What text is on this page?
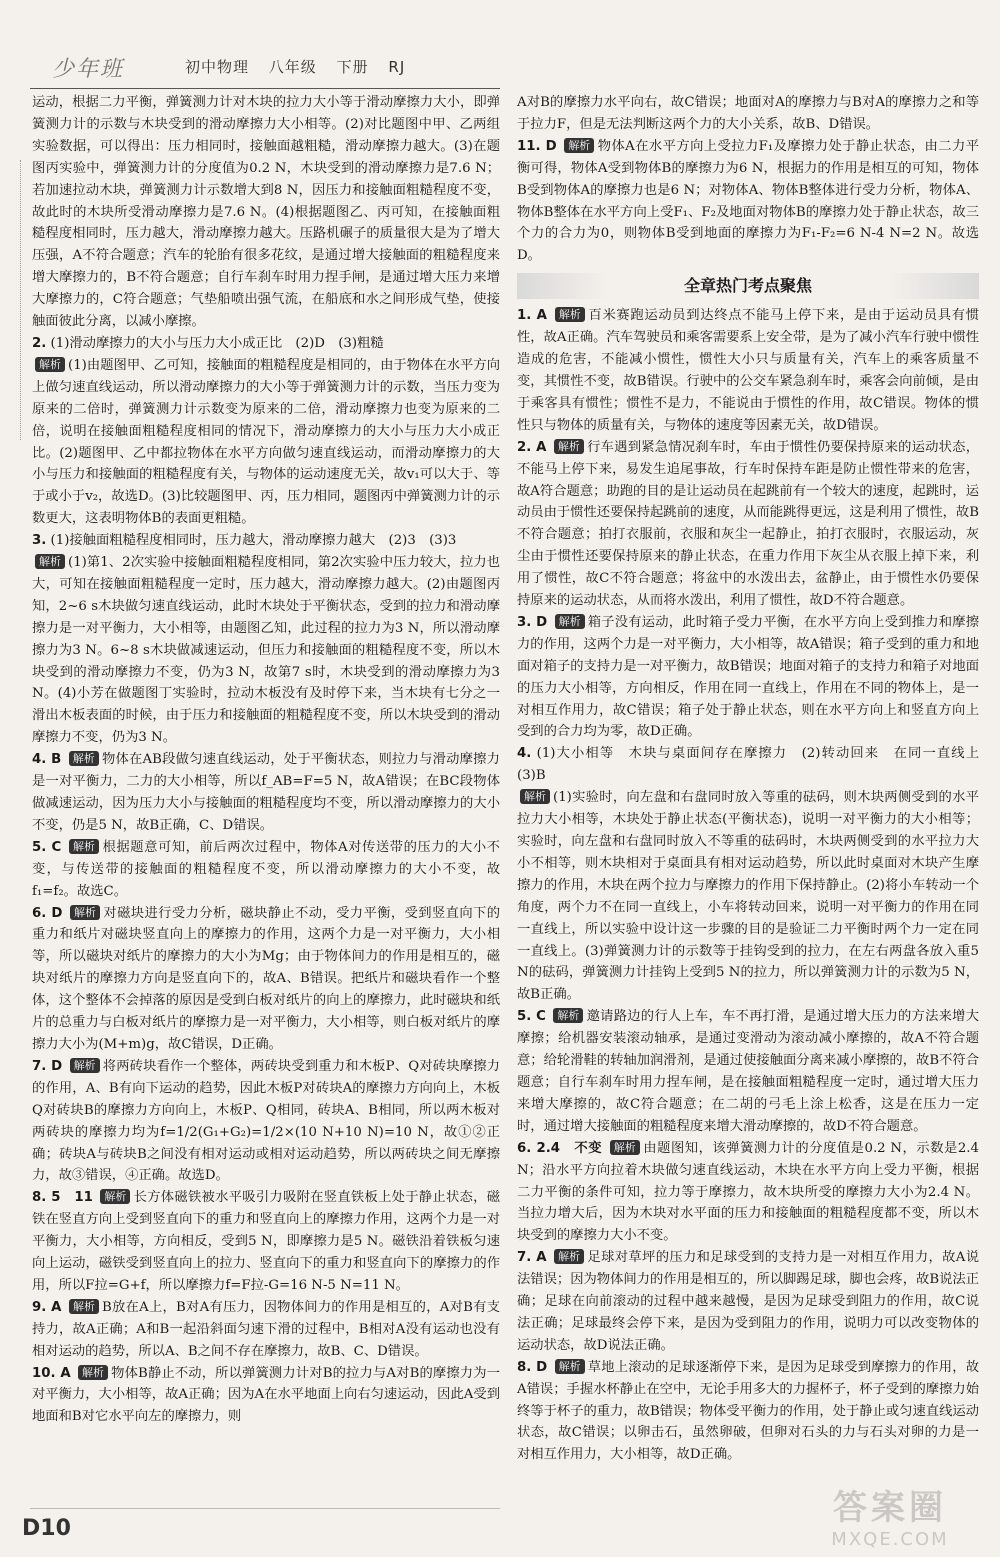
少年班	初中物理 八年级 下册 RJ

运动，根据二力平衡，弹簧测力计对木块的拉力大小等于滑动摩擦力大小，即弹簧测力计的示数与木块受到的滑动摩擦力大小相等。(2)对比题图中甲、乙两组实验数据，可以得出：压力相同时，接触面越粗糙，滑动摩擦力越大。(3)在题图丙实验中，弹簧测力计的分度值为0.2 N，木块受到的滑动摩擦力是7.6 N；若加速拉动木块，弹簧测力计示数增大到8 N，因压力和接触面粗糙程度不变，故此时的木块所受滑动摩擦力是7.6 N。(4)根据题图乙、丙可知，在接触面粗糙程度相同时，压力越大，滑动摩擦力越大。压路机碾子的质量很大是为了增大压强，A不符合题意；汽车的轮胎有很多花纹，是通过增大接触面的粗糙程度来增大摩擦力的，B不符合题意；自行车刹车时用力捏手闸，是通过增大压力来增大摩擦力的，C符合题意；气垫船喷出强气流，在船底和水之间形成气垫，使接触面彼此分离，以减小摩擦。

2. (1)滑动摩擦力的大小与压力大小成正比　(2)D　(3)粗糙

解析 (1)由题图甲、乙可知，接触面的粗糙程度是相同的，由于物体在水平方向上做匀速直线运动，所以滑动摩擦力的大小等于弹簧测力计的示数，当压力变为原来的二倍时，弹簧测力计示数变为原来的二倍，滑动摩擦力也变为原来的二倍，说明在接触面粗糙程度相同的情况下，滑动摩擦力的大小与压力大小成正比。(2)题图甲、乙中都拉物体在水平方向做匀速直线运动，而滑动摩擦力的大小与压力和接触面的粗糙程度有关，与物体的运动速度无关，故v₁可以大于、等于或小于v₂，故选D。(3)比较题图甲、丙，压力相同，题图丙中弹簧测力计的示数更大，这表明物体B的表面更粗糙。

3. (1)接触面粗糙程度相同时，压力越大，滑动摩擦力越大　(2)3　(3)3

解析 (1)第1、2次实验中接触面粗糙程度相同，第2次实验中压力较大，拉力也大，可知在接触面粗糙程度一定时，压力越大，滑动摩擦力越大。(2)由题图丙知，2~6 s木块做匀速直线运动，此时木块处于平衡状态，受到的拉力和滑动摩擦力是一对平衡力，大小相等，由题图乙知，此过程的拉力为3 N，所以滑动摩擦力为3 N。6~8 s木块做减速运动，但压力和接触面的粗糙程度不变，所以木块受到的滑动摩擦力不变，仍为3 N，故第7 s时，木块受到的滑动摩擦力为3 N。(4)小芳在做题图丁实验时，拉动木板没有及时停下来，当木块有七分之一滑出木板表面的时候，由于压力和接触面的粗糙程度不变，所以木块受到的滑动摩擦力不变，仍为3 N。

4. B 解析 物体在AB段做匀速直线运动，处于平衡状态，则拉力与滑动摩擦力是一对平衡力，二力的大小相等，所以f_AB=F=5 N，故A错误；在BC段物体做减速运动，因为压力大小与接触面的粗糙程度均不变，所以滑动摩擦力的大小不变，仍是5 N，故B正确，C、D错误。

5. C 解析 根据题意可知，前后两次过程中，物体A对传送带的压力的大小不变，与传送带的接触面的粗糙程度不变，所以滑动摩擦力的大小不变，故f₁=f₂。故选C。

6. D 解析 对磁块进行受力分析，磁块静止不动，受力平衡，受到竖直向下的重力和纸片对磁块竖直向上的摩擦力的作用，这两个力是一对平衡力，大小相等，所以磁块对纸片的摩擦力的大小为Mg；由于物体间力的作用是相互的，磁块对纸片的摩擦力方向是竖直向下的，故A、B错误。把纸片和磁块看作一个整体，这个整体不会掉落的原因是受到白板对纸片的向上的摩擦力，此时磁块和纸片的总重力与白板对纸片的摩擦力是一对平衡力，大小相等，则白板对纸片的摩擦力大小为(M+m)g，故C错误，D正确。

7. D 解析 将两砖块看作一个整体，两砖块受到重力和木板P、Q对砖块摩擦力的作用，A、B有向下运动的趋势，因此木板P对砖块A的摩擦力方向向上，木板Q对砖块B的摩擦力方向向上，木板P、Q相同，砖块A、B相同，所以两木板对两砖块的摩擦力均为f=1/2(G₁+G₂)=1/2×(10 N+10 N)=10 N，故①②正确；砖块A与砖块B之间没有相对运动或相对运动趋势，所以两砖块之间无摩擦力，故③错误，④正确。故选D。

8. 5　11 解析 长方体磁铁被水平吸引力吸附在竖直铁板上处于静止状态，磁铁在竖直方向上受到竖直向下的重力和竖直向上的摩擦力作用，这两个力是一对平衡力，大小相等，方向相反，受到5 N，即摩擦力是5 N。磁铁沿着铁板匀速向上运动，磁铁受到竖直向上的拉力、竖直向下的重力和竖直向下的摩擦力的作用，所以F拉=G+f，所以摩擦力f=F拉-G=16 N-5 N=11 N。

9. A 解析 B放在A上，B对A有压力，因物体间力的作用是相互的，A对B有支持力，故A正确；A和B一起沿斜面匀速下滑的过程中，B相对A没有运动也没有相对运动的趋势，所以A、B之间不存在摩擦力，故B、C、D错误。

10. A 解析 物体B静止不动，所以弹簧测力计对B的拉力与A对B的摩擦力为一对平衡力，大小相等，故A正确；因为A在水平地面上向右匀速运动，因此A受到地面和B对它水平向左的摩擦力，则

A对B的摩擦力水平向右，故C错误；地面对A的摩擦力与B对A的摩擦力之和等于拉力F，但是无法判断这两个力的大小关系，故B、D错误。

11. D 解析 物体A在水平方向上受拉力F₁及摩擦力处于静止状态，由二力平衡可得，物体A受到物体B的摩擦力为6 N，根据力的作用是相互的可知，物体B受到物体A的摩擦力也是6 N；对物体A、物体B整体进行受力分析，物体A、物体B整体在水平方向上受F₁、F₂及地面对物体B的摩擦力处于静止状态，故三个力的合力为0，则物体B受到地面的摩擦力为F₁-F₂=6 N-4 N=2 N。故选D。

全章热门考点聚焦

1. A 解析 百米赛跑运动员到达终点不能马上停下来，是由于运动员具有惯性，故A正确。汽车驾驶员和乘客需要系上安全带，是为了减小汽车行驶中惯性造成的危害，不能减小惯性，惯性大小只与质量有关，汽车上的乘客质量不变，其惯性不变，故B错误。行驶中的公交车紧急刹车时，乘客会向前倾，是由于乘客具有惯性；惯性不是力，不能说由于惯性的作用，故C错误。物体的惯性只与物体的质量有关，与物体的速度等因素无关，故D错误。

2. A 解析 行车遇到紧急情况刹车时，车由于惯性仍要保持原来的运动状态，不能马上停下来，易发生追尾事故，行车时保持车距是防止惯性带来的危害，故A符合题意；助跑的目的是让运动员在起跳前有一个较大的速度，起跳时，运动员由于惯性还要保持起跳前的速度，从而能跳得更远，这是利用了惯性，故B不符合题意；拍打衣服前，衣服和灰尘一起静止，拍打衣服时，衣服运动，灰尘由于惯性还要保持原来的静止状态，在重力作用下灰尘从衣服上掉下来，利用了惯性，故C不符合题意；将盆中的水泼出去，盆静止，由于惯性水仍要保持原来的运动状态，从而将水泼出，利用了惯性，故D不符合题意。

3. D 解析 箱子没有运动，此时箱子受力平衡，在水平方向上受到推力和摩擦力的作用，这两个力是一对平衡力，大小相等，故A错误；箱子受到的重力和地面对箱子的支持力是一对平衡力，故B错误；地面对箱子的支持力和箱子对地面的压力大小相等，方向相反，作用在同一直线上，作用在不同的物体上，是一对相互作用力，故C错误；箱子处于静止状态，则在水平方向上和竖直方向上受到的合力均为零，故D正确。

4. (1)大小相等　木块与桌面间存在摩擦力　(2)转动回来　在同一直线上　(3)B

解析 (1)实验时，向左盘和右盘同时放入等重的砝码，则木块两侧受到的水平拉力大小相等，木块处于静止状态(平衡状态)，说明一对平衡力的大小相等；实验时，向左盘和右盘同时放入不等重的砝码时，木块两侧受到的水平拉力大小不相等，则木块相对于桌面具有相对运动趋势，所以此时桌面对木块产生摩擦力的作用，木块在两个拉力与摩擦力的作用下保持静止。(2)将小车转动一个角度，两个力不在同一直线上，小车将转动回来，说明一对平衡力的作用在同一直线上，所以实验中设计这一步骤的目的是验证二力平衡时两个力一定在同一直线上。(3)弹簧测力计的示数等于挂钩受到的拉力，在左右两盘各放入重5 N的砝码，弹簧测力计挂钩上受到5 N的拉力，所以弹簧测力计的示数为5 N，故B正确。

5. C 解析 邀请路边的行人上车，车不再打滑，是通过增大压力的方法来增大摩擦；给机器安装滚动轴承，是通过变滑动为滚动减小摩擦的，故A不符合题意；给轮滑鞋的转轴加润滑剂，是通过使接触面分离来减小摩擦的，故B不符合题意；自行车刹车时用力捏车闸，是在接触面粗糙程度一定时，通过增大压力来增大摩擦的，故C符合题意；在二胡的弓毛上涂上松香，这是在压力一定时，通过增大接触面的粗糙程度来增大滑动摩擦的，故D不符合题意。

6. 2.4　不变 解析 由题图知，该弹簧测力计的分度值是0.2 N，示数是2.4 N；沿水平方向拉着木块做匀速直线运动，木块在水平方向上受力平衡，根据二力平衡的条件可知，拉力等于摩擦力，故木块所受的摩擦力大小为2.4 N。当拉力增大后，因为木块对水平面的压力和接触面的粗糙程度都不变，所以木块受到的摩擦力大小不变。

7. A 解析 足球对草坪的压力和足球受到的支持力是一对相互作用力，故A说法错误；因为物体间力的作用是相互的，所以脚踢足球，脚也会疼，故B说法正确；足球在向前滚动的过程中越来越慢，是因为足球受到阻力的作用，故C说法正确；足球最终会停下来，是因为受到阻力的作用，说明力可以改变物体的运动状态，故D说法正确。

8. D 解析 草地上滚动的足球逐渐停下来，是因为足球受到摩擦力的作用，故A错误；手握水杯静止在空中，无论手用多大的力握杯子，杯子受到的摩擦力始终等于杯子的重力，故B错误；物体受平衡力的作用，处于静止或匀速直线运动状态，故C错误；以卵击石，虽然卵破，但卵对石头的力与石头对卵的力是一对相互作用力，大小相等，故D正确。

D10
答案圈
MXQE.COM
